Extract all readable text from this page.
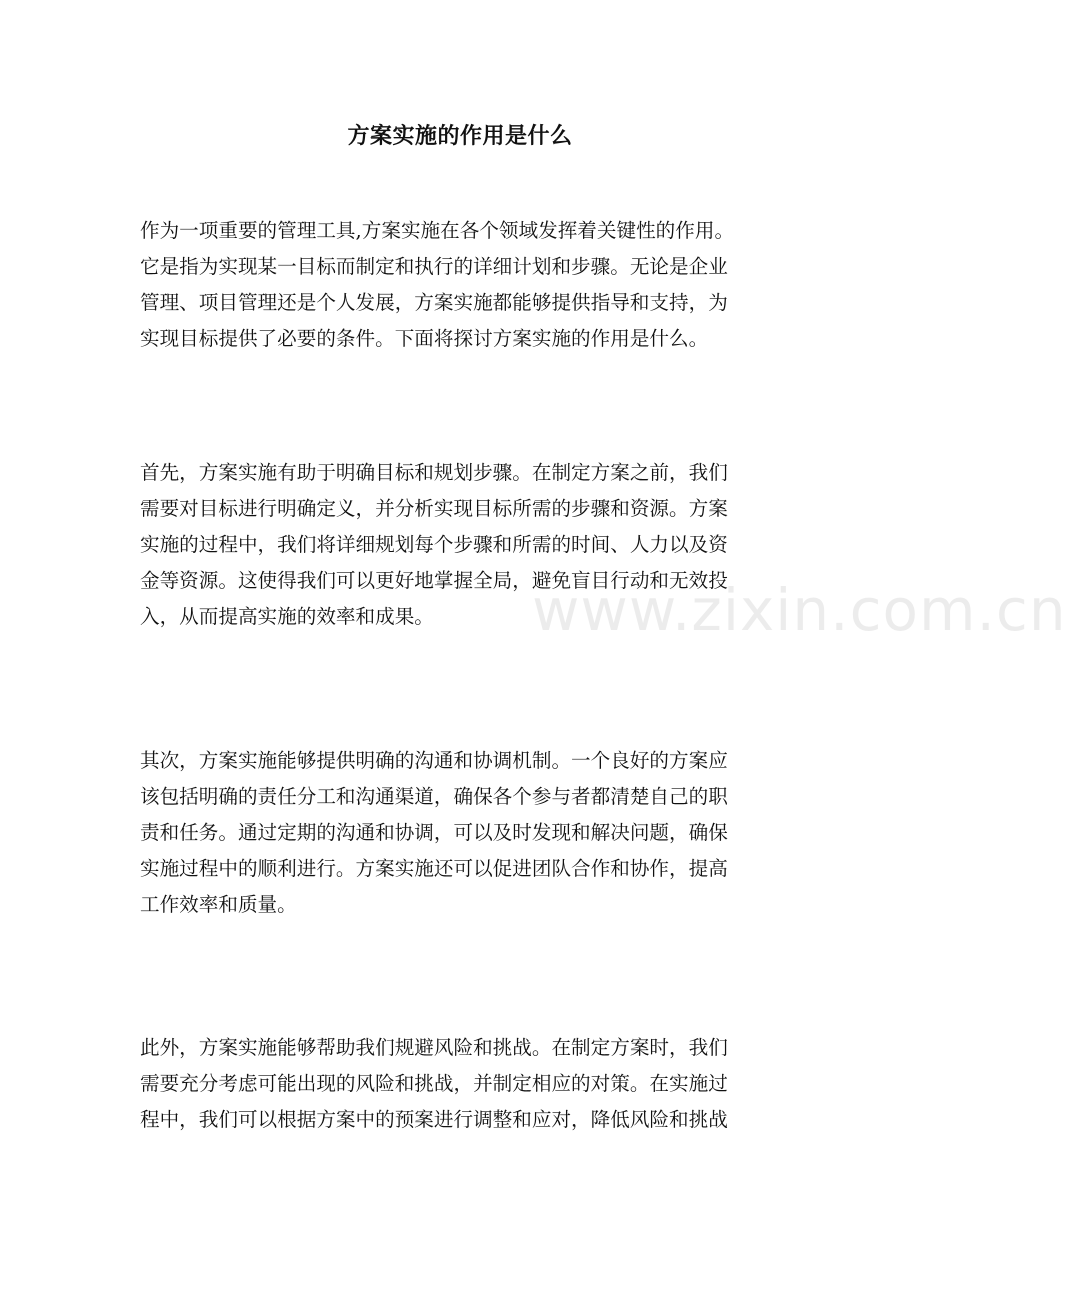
方案实施的作用是什么
作为一项重要的管理工具,方案实施在各个领域发挥着关键性的作用。
它是指为实现某一目标而制定和执行的详细计划和步骤。无论是企业
管理、项目管理还是个人发展，方案实施都能够提供指导和支持，为
实现目标提供了必要的条件。下面将探讨方案实施的作用是什么。
首先，方案实施有助于明确目标和规划步骤。在制定方案之前，我们
需要对目标进行明确定义，并分析实现目标所需的步骤和资源。方案
实施的过程中，我们将详细规划每个步骤和所需的时间、人力以及资
金等资源。这使得我们可以更好地掌握全局，避免盲目行动和无效投
入，从而提高实施的效率和成果。
其次，方案实施能够提供明确的沟通和协调机制。一个良好的方案应
该包括明确的责任分工和沟通渠道，确保各个参与者都清楚自己的职
责和任务。通过定期的沟通和协调，可以及时发现和解决问题，确保
实施过程中的顺利进行。方案实施还可以促进团队合作和协作，提高
工作效率和质量。
此外，方案实施能够帮助我们规避风险和挑战。在制定方案时，我们
需要充分考虑可能出现的风险和挑战，并制定相应的对策。在实施过
程中，我们可以根据方案中的预案进行调整和应对，降低风险和挑战
www.zixin.com.cn
